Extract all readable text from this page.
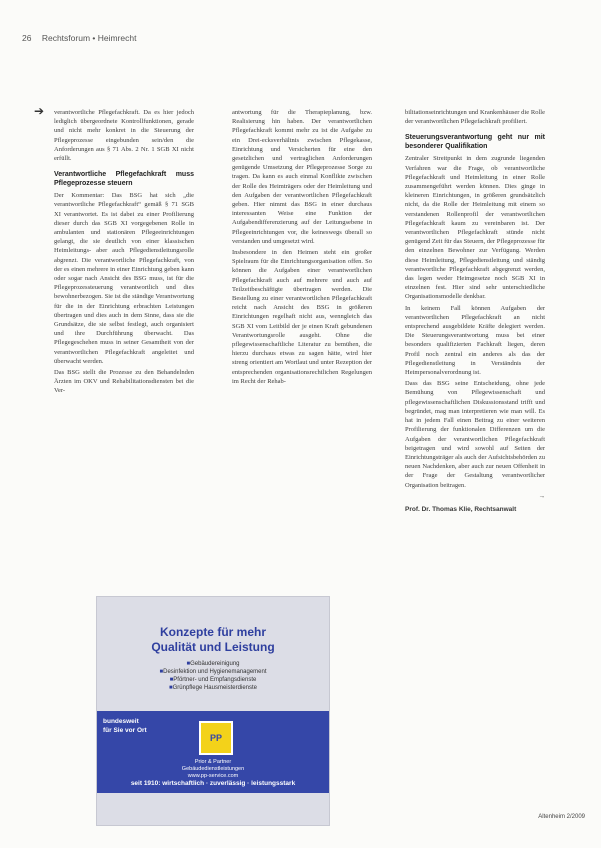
26 Rechtsforum • Heimrecht
➔ verantwortliche Pflegefachkraft. Da es hier jedoch lediglich übergeordnete Kontrollfunktionen, gerade und nicht mehr konkret in die Steuerung der Pflegeprozesse eingebunden sein/den die Anforderungen aus § 71 Abs. 2 Nr. 1 SGB XI nicht erfüllt.

Verantwortliche Pflegefachkraft muss Pflegeprozesse steuern

Der Kommentar: Das BSG hat sich „die verantwortliche Pflegefachkraft“ gemäß § 71 SGB XI verantwortet. Es ist dabei zu einer Profilierung dieser durch das SGB XI vorgegebenen Rolle in ambulanten und stationären Pflegeeinrichtungen gelangt, die sie deutlich von einer klassischen Heimleitungs- aber auch Pflegedienstleitungsrolle abgrenzt. Die verantwortliche Pflegefachkraft, von der es einen mehrere in einer Einrichtung geben kann oder sogar nach Ansicht des BSG muss, ist für die Pflegeprozessteuerung verantwortlich und dies bewohnerbezogen. Sie ist die ständige Verantwortung für die in der Einrichtung erbrachten Leistungen übertragen und dies auch in dem Sinne, dass sie die Grundsätze, die sie selbst festlegt, auch organisiert und ihre Durchführung überwacht. Das Pflegegeschehen muss in seiner Gesamtheit von der verantwortlichen Pflegefachkraft angeleitet und überwacht werden.

Das BSG stellt die Prozesse zu den Behandelnden Ärzten im OKV und Rehabilitationsdiensten bei die Ver-

antwortung für die Therapieplanung, bzw. Realisierung hin haben. Der verantwortlichen Pflegefachkraft kommt mehr zu ist die Aufgabe zu ein Drei-ecksverhältnis zwischen Pflegekasse, Einrichtung und Versicherten für eine den gesetzlichen und vertraglichen Anforderungen genügende Umsetzung der Pflegeprozesse Sorge zu tragen. Da kann es auch einmal Konflikte zwischen der Rolle des Heimträgers oder der Heimleitung und den Aufgaben der verantwortlichen Pflegefachkraft geben. Hier nimmt das BSG in einer durchaus interessanten Weise eine Funktion der Aufgabendifferenzierung auf der Leitungsebene in Pflegeeinrichtungen vor, die keineswegs überall so verstanden und umgesetzt wird.

Insbesondere in den Heimen steht ein großer Spielraum für die Einrichtungsorganisation offen. So können die Aufgaben einer verantwortlichen Pflegefachkraft auch auf mehrere und auch auf Teilzeitbeschäftigte übertragen werden. Die Bestellung zu einer verantwortlichen Pflegefachkraft reicht nach Ansicht des BSG in größeren Einrichtungen regelhaft nicht aus, wenngleich das SGB XI vom Leitbild der je einen Kraft gebundenen Verantwortungsrolle ausgeht. Ohne die pflegewissenschaftliche Literatur zu bemühen, die hierzu durchaus etwas zu sagen hätte, wird hier streng orientiert am Wortlaut und unter Rezeption der entsprechenden organisationsrechtlichen Regelungen im Recht der Rehab-

bilitationseinrichtungen und Krankenhäuser die Rolle der verantwortlichen Pflegefachkraft profiliert.

Steuerungsverantwortung geht nur mit besonderer Qualifikation

Zentraler Streitpunkt in dem zugrunde liegenden Verfahren war die Frage, ob verantwortliche Pflegefachkraft und Heimleitung in einer Rolle zusammengeführt werden können. Dies ginge in kleineren Einrichtungen, in größeren grundsätzlich nicht, da die Rolle der Heimleitung mit einem so verstandenen Rollenprofil der verantwortlichen Pflegefachkraft kaum zu vereinbaren ist. Der verantwortlichen Pflegefachkraft stünde nicht genügend Zeit für das Steuern, der Pflegeprozesse für den einzelnen Bewohner zur Verfügung. Werden diese Heimleitung, Pflegedienstleitung und ständig verantwortliche Pflegefachkraft abgegrenzt werden, das legen weder Heimgesetze noch SGB XI in einzelnen fest. Hier sind sehr unterschiedliche Organisationsmodelle denkbar.

In keinem Fall können Aufgaben der verantwortlichen Pflegefachkraft an nicht entsprechend ausgebildete Kräfte delegiert werden. Die Steuerungsverantwortung muss bei einer besonders qualifizierten Fachkraft liegen, deren Profil noch zentral ein anderes als das der Pflegedienstleitung in Verständnis der Heimpersonalverordnung ist.

Dass das BSG seine Entscheidung, ohne jede Bemühung von Pflegewissenschaft und pflegewissenschaftlichen Diskussionsstand trifft und begründet, mag man interpretieren wie man will. Es hat in jedem Fall einen Beitrag zu einer weiteren Profilierung der funktionalen Differenzen um die Aufgaben der verantwortlichen Pflegefachkraft beigetragen und wird sowohl auf Seiten der Einrichtungsträger als auch der Aufsichtsbehörden zu neuen Nachdenken, aber auch zur neuen Offenheit in der Frage der Gestaltung verantwortlicher Organisation beitragen.

→
Prof. Dr. Thomas Klie, Rechtsanwalt
Konzepte für mehr
Qualität und Leistung
■ Gebäudereinigung
■ Desinfektion und Hygienemanagement
■ Pförtner- und Empfangsdienste
■ Grünpflege Hausmeisterdienste
bundesweit
für Sie vor Ort
PP
Prior & Partner
Gebäudedienstleistungen
www.pp-service.com
seit 1910: wirtschaftlich · zuverlässig · leistungsstark
Altenheim 2/2009
